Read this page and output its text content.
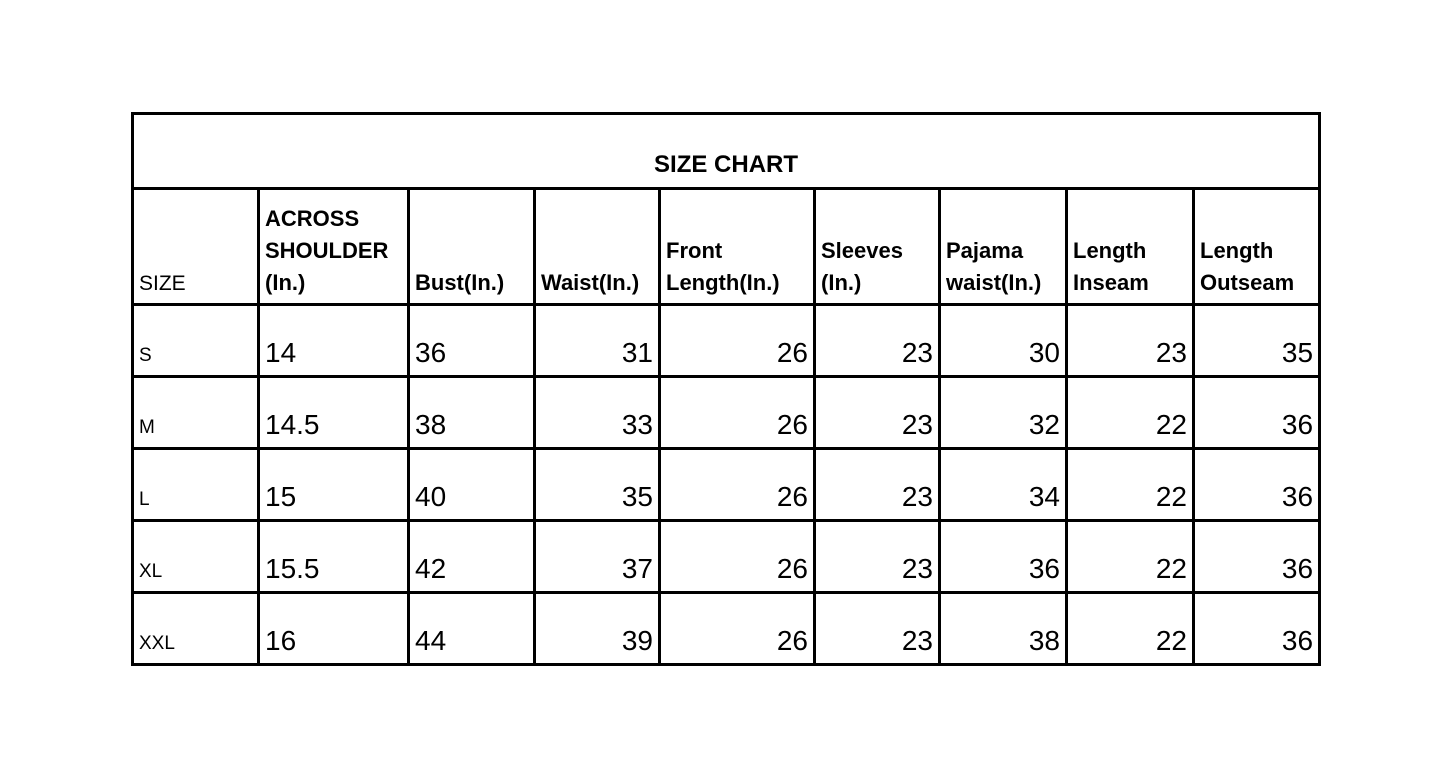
SIZE CHART								
SIZE	ACROSS SHOULDER (In.)	Bust(In.)	Waist(In.)	Front Length(In.)	Sleeves (In.)	Pajama waist(In.)	Length Inseam	Length Outseam
S	14	36	31	26	23	30	23	35
M	14.5	38	33	26	23	32	22	36
L	15	40	35	26	23	34	22	36
XL	15.5	42	37	26	23	36	22	36
XXL	16	44	39	26	23	38	22	36
